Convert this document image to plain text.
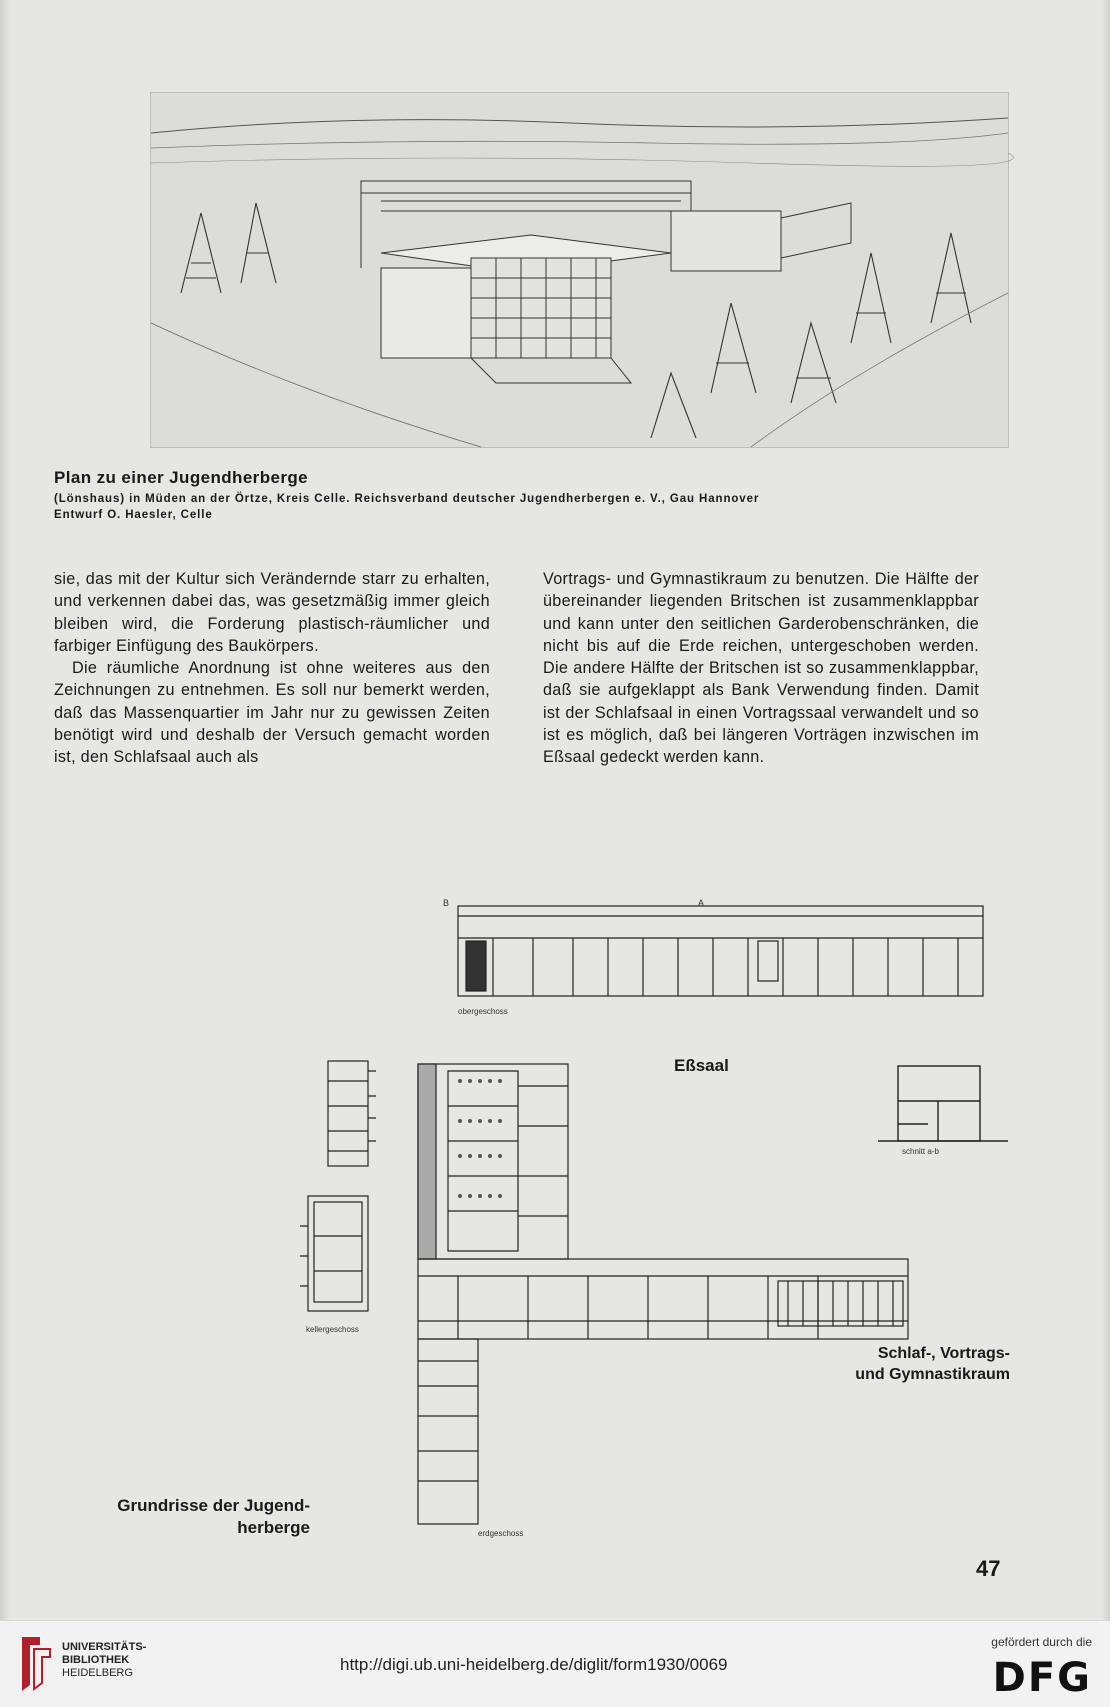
Plan zu einer Jugendherberge
(Lönshaus) in Müden an der Örtze, Kreis Celle. Reichsverband deutscher Jugendherbergen e. V., Gau Hannover
Entwurf O. Haesler, Celle

sie, das mit der Kultur sich Verändernde starr zu erhalten, und verkennen dabei das, was gesetzmäßig immer gleich bleiben wird, die Forderung plastisch-räumlicher und farbiger Einfügung des Baukörpers.

Die räumliche Anordnung ist ohne weiteres aus den Zeichnungen zu entnehmen. Es soll nur bemerkt werden, daß das Massenquartier im Jahr nur zu gewissen Zeiten benötigt wird und deshalb der Versuch gemacht worden ist, den Schlafsaal auch als

Vortrags- und Gymnastikraum zu benutzen. Die Hälfte der übereinander liegenden Britschen ist zusammenklappbar und kann unter den seitlichen Garderobenschränken, die nicht bis auf die Erde reichen, untergeschoben werden. Die andere Hälfte der Britschen ist so zusammenklappbar, daß sie aufgeklappt als Bank Verwendung finden. Damit ist der Schlafsaal in einen Vortragssaal verwandelt und so ist es möglich, daß bei längeren Vorträgen inzwischen im Eßsaal gedeckt werden kann.

obergeschoss
B	A
kellergeschoss
erdgeschoss
schnitt a-b
Eßsaal
Schlaf-, Vortrags-
und Gymnastikraum
Grundrisse der Jugend-
herberge
47
UNIVERSITÄTS-
BIBLIOTHEK
HEIDELBERG	http://digi.ub.uni-heidelberg.de/diglit/form1930/0069
gefördert durch die
DFG
